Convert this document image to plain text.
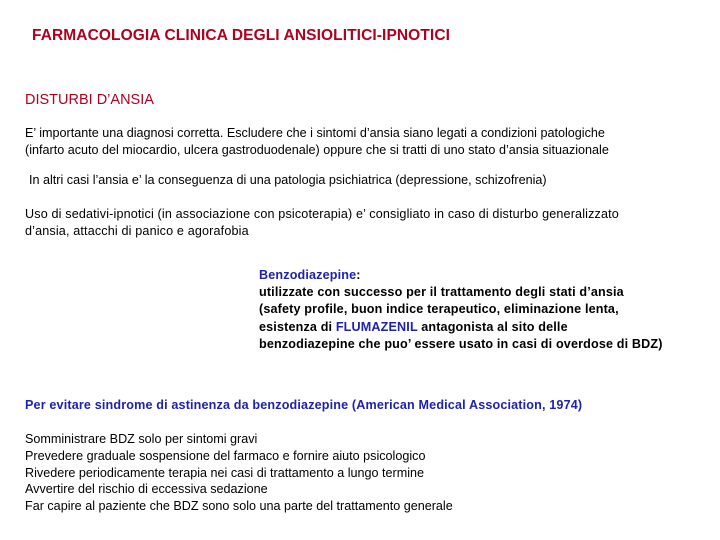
FARMACOLOGIA CLINICA DEGLI ANSIOLITICI-IPNOTICI
DISTURBI D’ANSIA
E’ importante una diagnosi corretta. Escludere che i sintomi d’ansia siano legati a condizioni patologiche
(infarto acuto del miocardio, ulcera gastroduodenale) oppure che si tratti di uno stato d’ansia situazionale
In altri casi l’ansia e’ la conseguenza di una patologia psichiatrica (depressione, schizofrenia)
Uso di sedativi-ipnotici (in associazione con psicoterapia) e’ consigliato in caso di disturbo generalizzato
d’ansia, attacchi di panico e agorafobia
Benzodiazepine:
utilizzate con successo per il trattamento degli stati d’ansia
(safety profile, buon indice terapeutico, eliminazione lenta,
esistenza di FLUMAZENIL antagonista al sito delle
benzodiazepine che puo’ essere usato in casi di overdose di BDZ)
Per evitare sindrome di astinenza da benzodiazepine (American Medical Association, 1974)
Somministrare BDZ solo per sintomi gravi
Prevedere graduale sospensione del farmaco e fornire aiuto psicologico
Rivedere periodicamente terapia nei casi di trattamento a lungo termine
Avvertire del rischio di eccessiva sedazione
Far capire al paziente che BDZ sono solo una parte del trattamento generale
